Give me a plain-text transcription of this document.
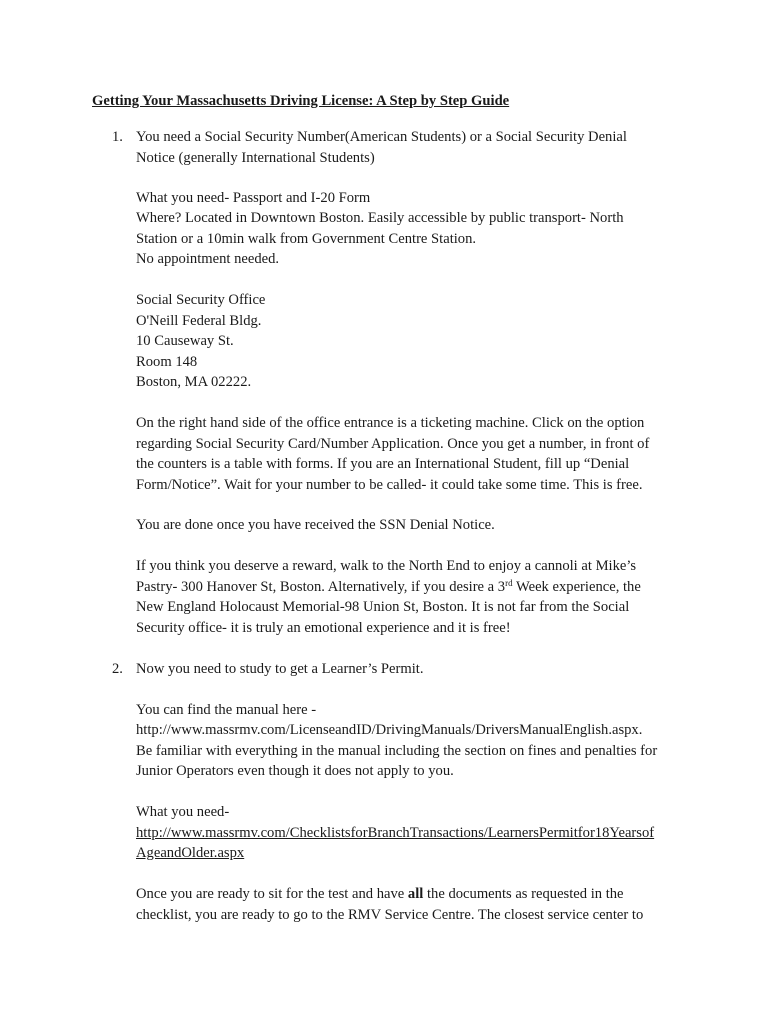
Getting Your Massachusetts Driving License: A Step by Step Guide

1. You need a Social Security Number(American Students) or a Social Security Denial

Notice (generally International Students)

What you need- Passport and I-20 Form

Where? Located in Downtown Boston. Easily accessible by public transport- North

Station or a 10min walk from Government Centre Station.

No appointment needed.

Social Security Office

O'Neill Federal Bldg.

10 Causeway St.

Room 148

Boston, MA 02222.

On the right hand side of the office entrance is a ticketing machine. Click on the option

regarding Social Security Card/Number Application. Once you get a number, in front of

the counters is a table with forms. If you are an International Student, fill up “Denial

Form/Notice”. Wait for your number to be called- it could take some time. This is free.

You are done once you have received the SSN Denial Notice.

If you think you deserve a reward, walk to the North End to enjoy a cannoli at Mike’s

Pastry- 300 Hanover St, Boston. Alternatively, if you desire a 3rd Week experience, the

New England Holocaust Memorial-98 Union St, Boston. It is not far from the Social

Security office- it is truly an emotional experience and it is free!

2. Now you need to study to get a Learner’s Permit.

You can find the manual here -

http://www.massrmv.com/LicenseandID/DrivingManuals/DriversManualEnglish.aspx.

Be familiar with everything in the manual including the section on fines and penalties for

Junior Operators even though it does not apply to you.

What you need-

http://www.massrmv.com/ChecklistsforBranchTransactions/LearnersPermitfor18Yearsof

AgeandOlder.aspx

Once you are ready to sit for the test and have all the documents as requested in the

checklist, you are ready to go to the RMV Service Centre. The closest service center to
